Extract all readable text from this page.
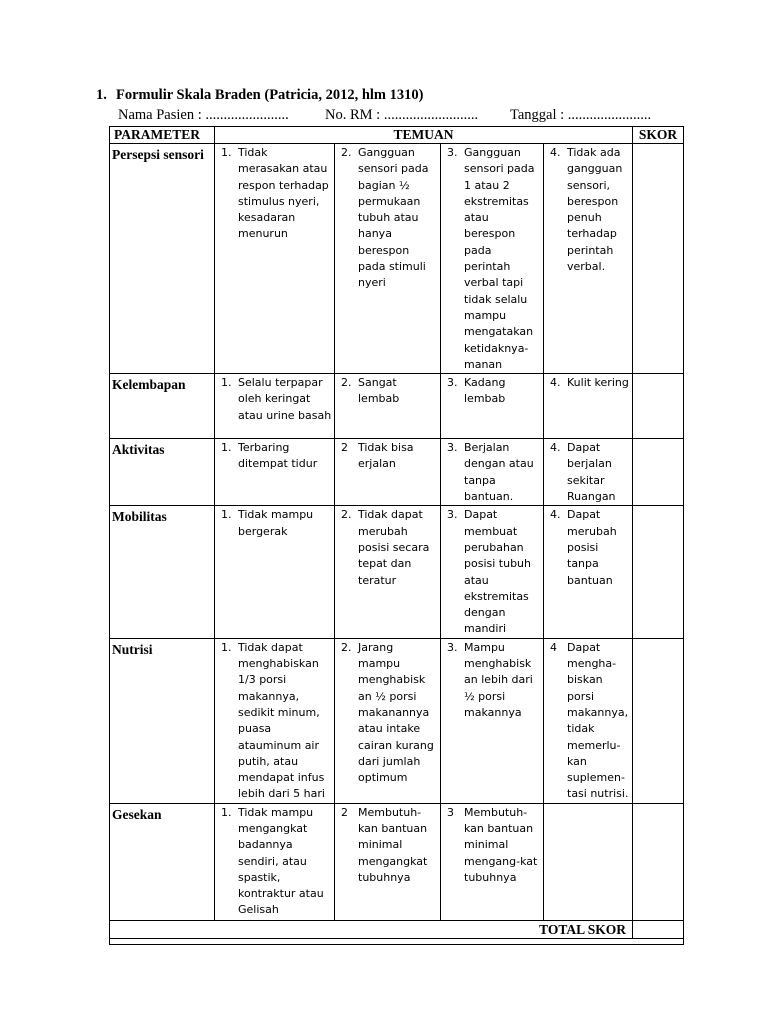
1. Formulir Skala Braden (Patricia, 2012, hlm 1310)
Nama Pasien : ....................... No. RM : .......................... Tanggal : .......................
PARAMETER	TEMUAN				SKOR
Persepsi sensori	1. Tidak merasakan atau respon terhadap stimulus nyeri, kesadaran menurun	2. Gangguan sensori pada bagian ½ permukaan tubuh atau hanya berespon pada stimuli nyeri	3. Gangguan sensori pada 1 atau 2 ekstremitas atau berespon pada perintah verbal tapi tidak selalu mampu mengatakan ketidaknya-manan	4. Tidak ada gangguan sensori, berespon penuh terhadap perintah verbal.	

Kelembapan	1. Selalu terpapar oleh keringat atau urine basah	2. Sangat lembab	3. Kadang lembab	4. Kulit kering	

Aktivitas	1. Terbaring ditempat tidur	2 Tidak bisa erjalan	3. Berjalan dengan atau tanpa bantuan.	4. Dapat berjalan sekitar Ruangan	

Mobilitas	1. Tidak mampu bergerak	2. Tidak dapat merubah posisi secara tepat dan teratur	3. Dapat membuat perubahan posisi tubuh atau ekstremitas dengan mandiri	4. Dapat merubah posisi tanpa bantuan	

Nutrisi	1. Tidak dapat menghabiskan 1/3 porsi makannya, sedikit minum, puasa atauminum air putih, atau mendapat infus lebih dari 5 hari	2. Jarang mampu menghabisk an ½ porsi makanannya atau intake cairan kurang dari jumlah optimum	3. Mampu menghabisk an lebih dari ½ porsi makannya	4 Dapat mengha-biskan porsi makannya, tidak memerlu-kan suplemen-tasi nutrisi.	

Gesekan	1. Tidak mampu mengangkat badannya sendiri, atau spastik, kontraktur atau Gelisah	2 Membutuh-kan bantuan minimal mengangkat tubuhnya	3 Membutuh-kan bantuan minimal mengang-kat tubuhnya		

TOTAL SKOR					
